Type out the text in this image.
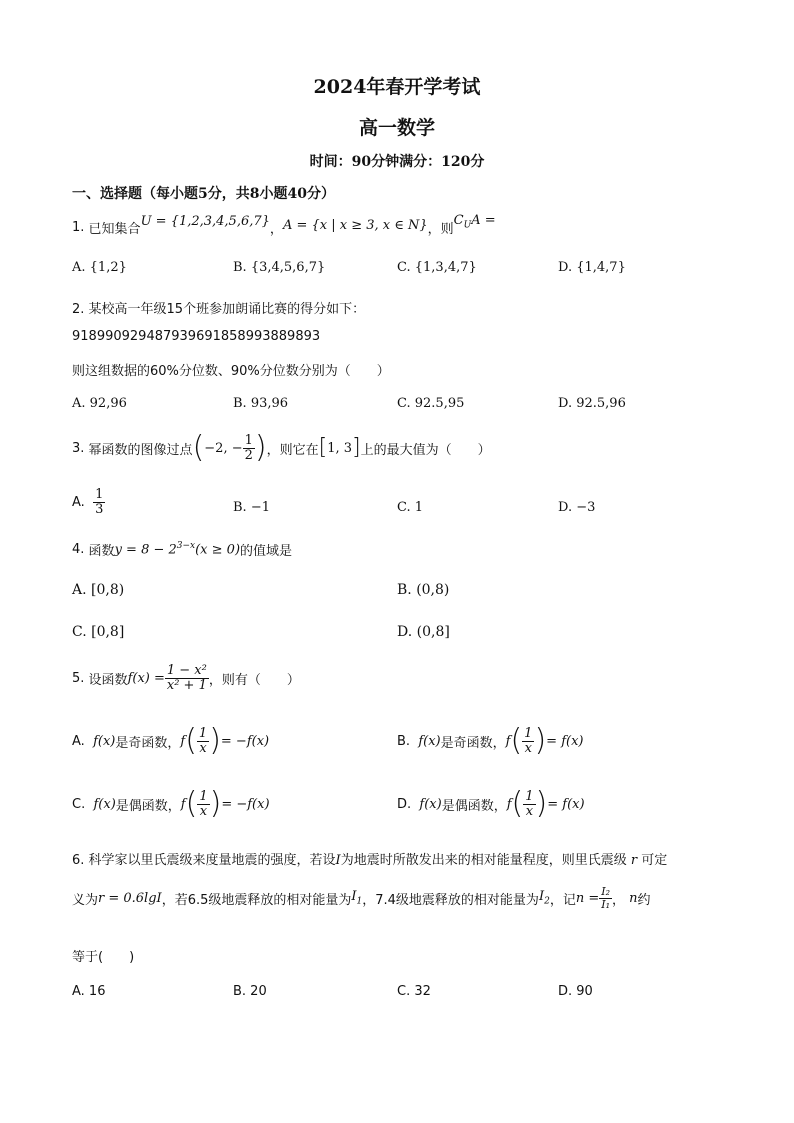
2024年春开学考试
高一数学
时间：90分钟满分：120分
一、选择题（每小题5分，共8小题40分）
1.
已知集合
U = {1,2,3,4,5,6,7}
， A = {x | x ≥ 3, x ∈ N} ，则
$C_UA$ =
A. {1,2}	B. {3,4,5,6,7}	C. {1,3,4,7}	D. {1,4,7}
2. 某校高一年级15个班参加朗诵比赛的得分如下：
918990929487939691858993889893
则这组数据的60%分位数、90%分位数分别为（　　）
A. 92,96	B. 93,96	C. 92.5,95	D. 92.5,96
3.
幂函数的图像过点 ( −2, − $\frac{1}{2}$ ) ，则它在 [ 1, 3 ] 上的最大值为（　　）
A.
$\frac{1}{3}$	B. −1	C. 1	D. −3
4.
函数 $y = 8 - 2^{3-x}(x \ge 0)$ 的值域是
A. [0,8)	B. (0,8)
C. [0,8]	D. (0,8]
5.
设函数 $f(x) = \frac{\text{1 − x²}}{\text{x² + 1}}$ ，则有（　　）
A.
f(x) 是奇函数， f ( $\frac{1}{x}$ ) = −f(x)	B.
f(x) 是奇函数， f ( $\frac{1}{x}$ ) = f(x)
C.
f(x) 是偶函数， f ( $\frac{1}{x}$ ) = −f(x)	D.
f(x) 是偶函数， f ( $\frac{1}{x}$ ) = f(x)
6. 科学家以里氏震级来度量地震的强度，若设I为地震时所散发出来的相对能量程度，则里氏震级 r 可定
义为 r = 0.6lgI ，若6.5级地震释放的相对能量为 $I_1$ ，7.4级地震释放的相对能量为 $I_2$ ，记 $n = \frac{\text{I₂}}{\text{I₁}}$ ，
n 约
等于(　　)
A. 16	B. 20	C. 32	D. 90
